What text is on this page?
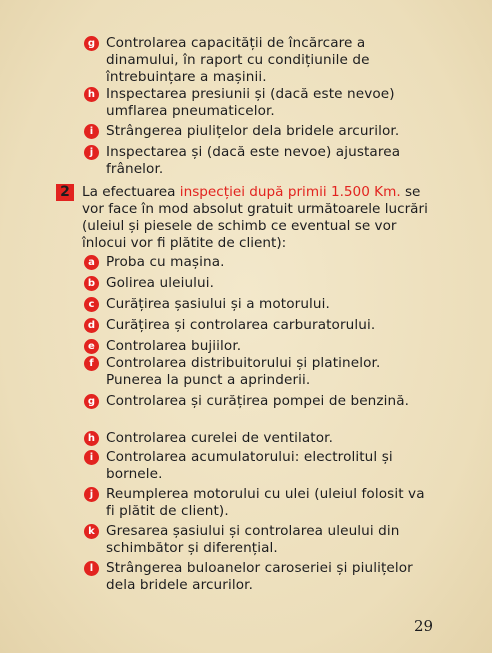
g Controlarea capacității de încărcare a dinamului, în raport cu condițiunile de întrebuințare a mașinii.
h Inspectarea presiunii și (dacă este nevoe) umflarea pneumaticelor.
i Strângerea piulițelor dela bridele arcurilor.
j Inspectarea și (dacă este nevoe) ajustarea frânelor.
2 La efectuarea inspecției după primii 1.500 Km. se vor face în mod absolut gratuit următoarele lucrări (uleiul și piesele de schimb ce eventual se vor înlocui vor fi plătite de client):
a Proba cu mașina.
b Golirea uleiului.
c Curățirea șasiului și a motorului.
d Curățirea și controlarea carburatorului.
e Controlarea bujiilor.
f Controlarea distribuitorului și platinelor. Punerea la punct a aprinderii.
g Controlarea și curățirea pompei de benzină.
h Controlarea curelei de ventilator.
i Controlarea acumulatorului: electrolitul și bornele.
j Reumplerea motorului cu ulei (uleiul folosit va fi plătit de client).
k Gresarea șasiului și controlarea uleului din schimbător și diferențial.
l Strângerea buloanelor caroseriei și piulițelor dela bridele arcurilor.
29
